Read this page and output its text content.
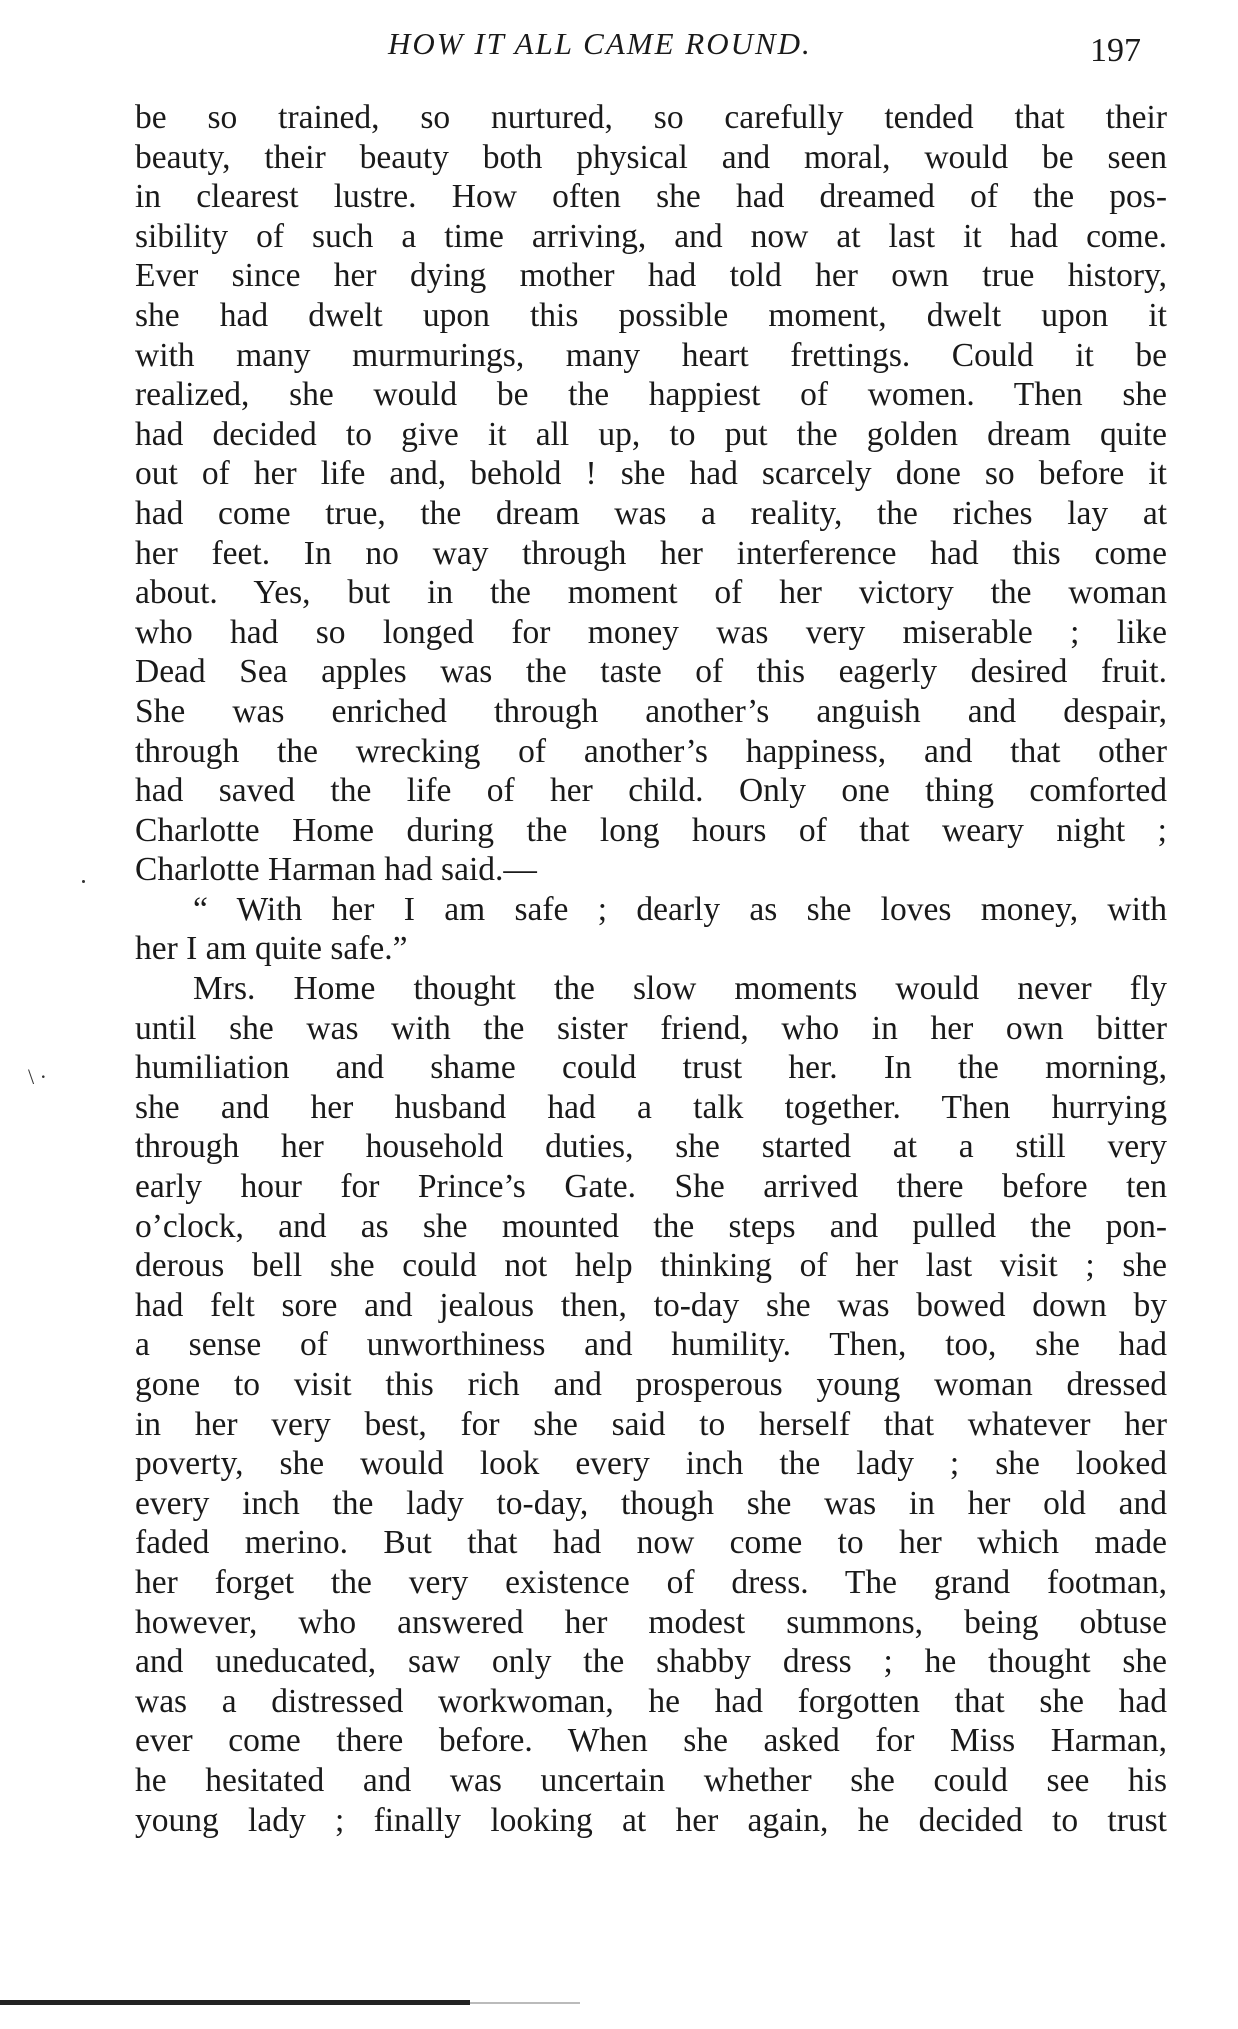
HOW IT ALL CAME ROUND.	197
\ ·
be so trained, so nurtured, so carefully tended that their
beauty, their beauty both physical and moral, would be seen
in clearest lustre. How often she had dreamed of the pos-
sibility of such a time arriving, and now at last it had come.
Ever since her dying mother had told her own true history,
she had dwelt upon this possible moment, dwelt upon it
with many murmurings, many heart frettings. Could it be
realized, she would be the happiest of women. Then she
had decided to give it all up, to put the golden dream quite
out of her life and, behold ! she had scarcely done so before it
had come true, the dream was a reality, the riches lay at
her feet. In no way through her interference had this come
about. Yes, but in the moment of her victory the woman
who had so longed for money was very miserable ; like
Dead Sea apples was the taste of this eagerly desired fruit.
She was enriched through another’s anguish and despair,
through the wrecking of another’s happiness, and that other
had saved the life of her child. Only one thing comforted
Charlotte Home during the long hours of that weary night ;
Charlotte Harman had said.—
“ With her I am safe ; dearly as she loves money, with
her I am quite safe.”
Mrs. Home thought the slow moments would never fly
until she was with the sister friend, who in her own bitter
humiliation and shame could trust her. In the morning,
she and her husband had a talk together. Then hurrying
through her household duties, she started at a still very
early hour for Prince’s Gate. She arrived there before ten
o’clock, and as she mounted the steps and pulled the pon-
derous bell she could not help thinking of her last visit ; she
had felt sore and jealous then, to-day she was bowed down by
a sense of unworthiness and humility. Then, too, she had
gone to visit this rich and prosperous young woman dressed
in her very best, for she said to herself that whatever her
poverty, she would look every inch the lady ; she looked
every inch the lady to-day, though she was in her old and
faded merino. But that had now come to her which made
her forget the very existence of dress. The grand footman,
however, who answered her modest summons, being obtuse
and uneducated, saw only the shabby dress ; he thought she
was a distressed workwoman, he had forgotten that she had
ever come there before. When she asked for Miss Harman,
he hesitated and was uncertain whether she could see his
young lady ; finally looking at her again, he decided to trust
